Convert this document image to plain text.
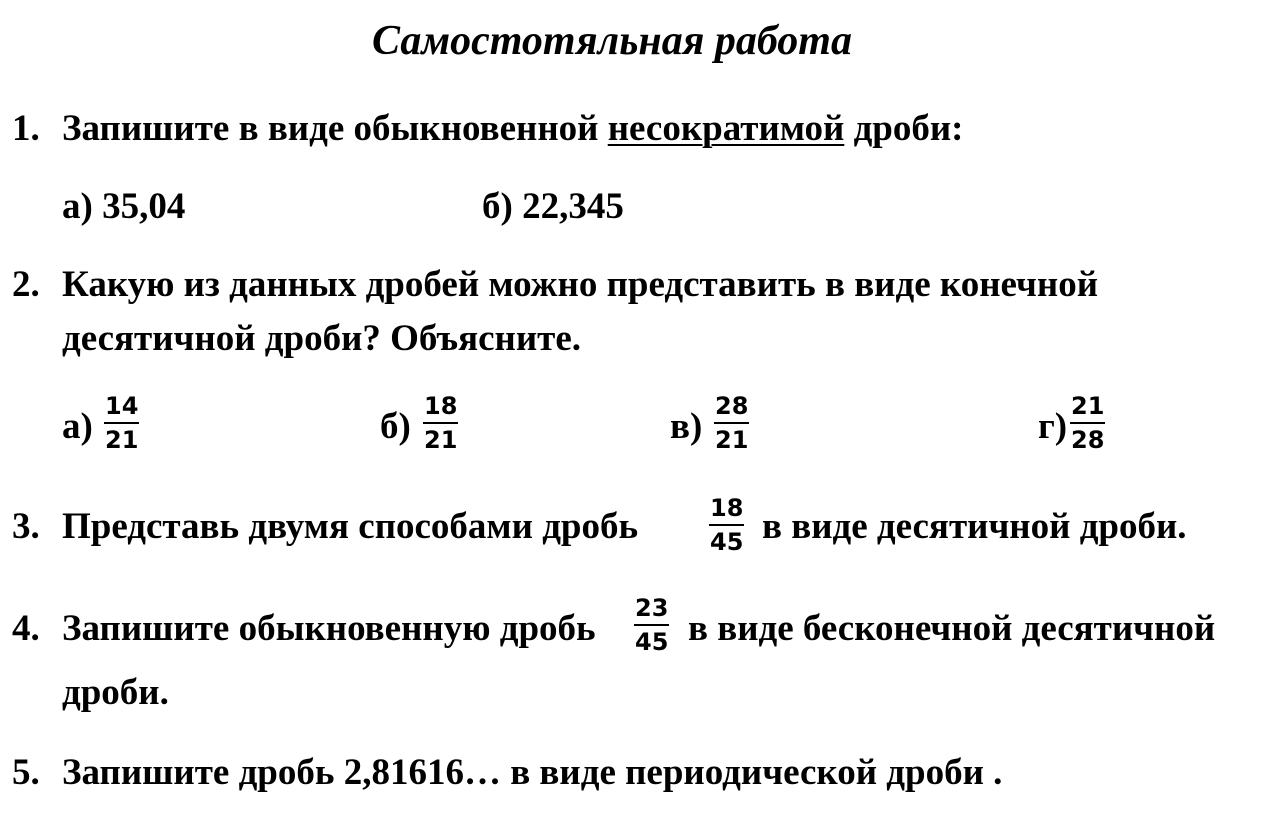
Самостотяльная работа
1. Запишите в виде обыкновенной несократимой дроби:
а) 35,04	б) 22,345
2. Какую из данных дробей можно представить в виде конечной
десятичной дроби? Объясните.
$а) \frac{14}{21}$	$б) \frac{18}{21}$	$в) \frac{28}{21}$	$г) \frac{21}{28}$
3. Представь двумя способами дробь	$\frac{18}{45}$ в виде десятичной дроби.
4. Запишите обыкновенную дробь $\frac{23}{45}$ в виде бесконечной десятичной
дроби.
5. Запишите дробь 2,81616… в виде периодической дроби .
